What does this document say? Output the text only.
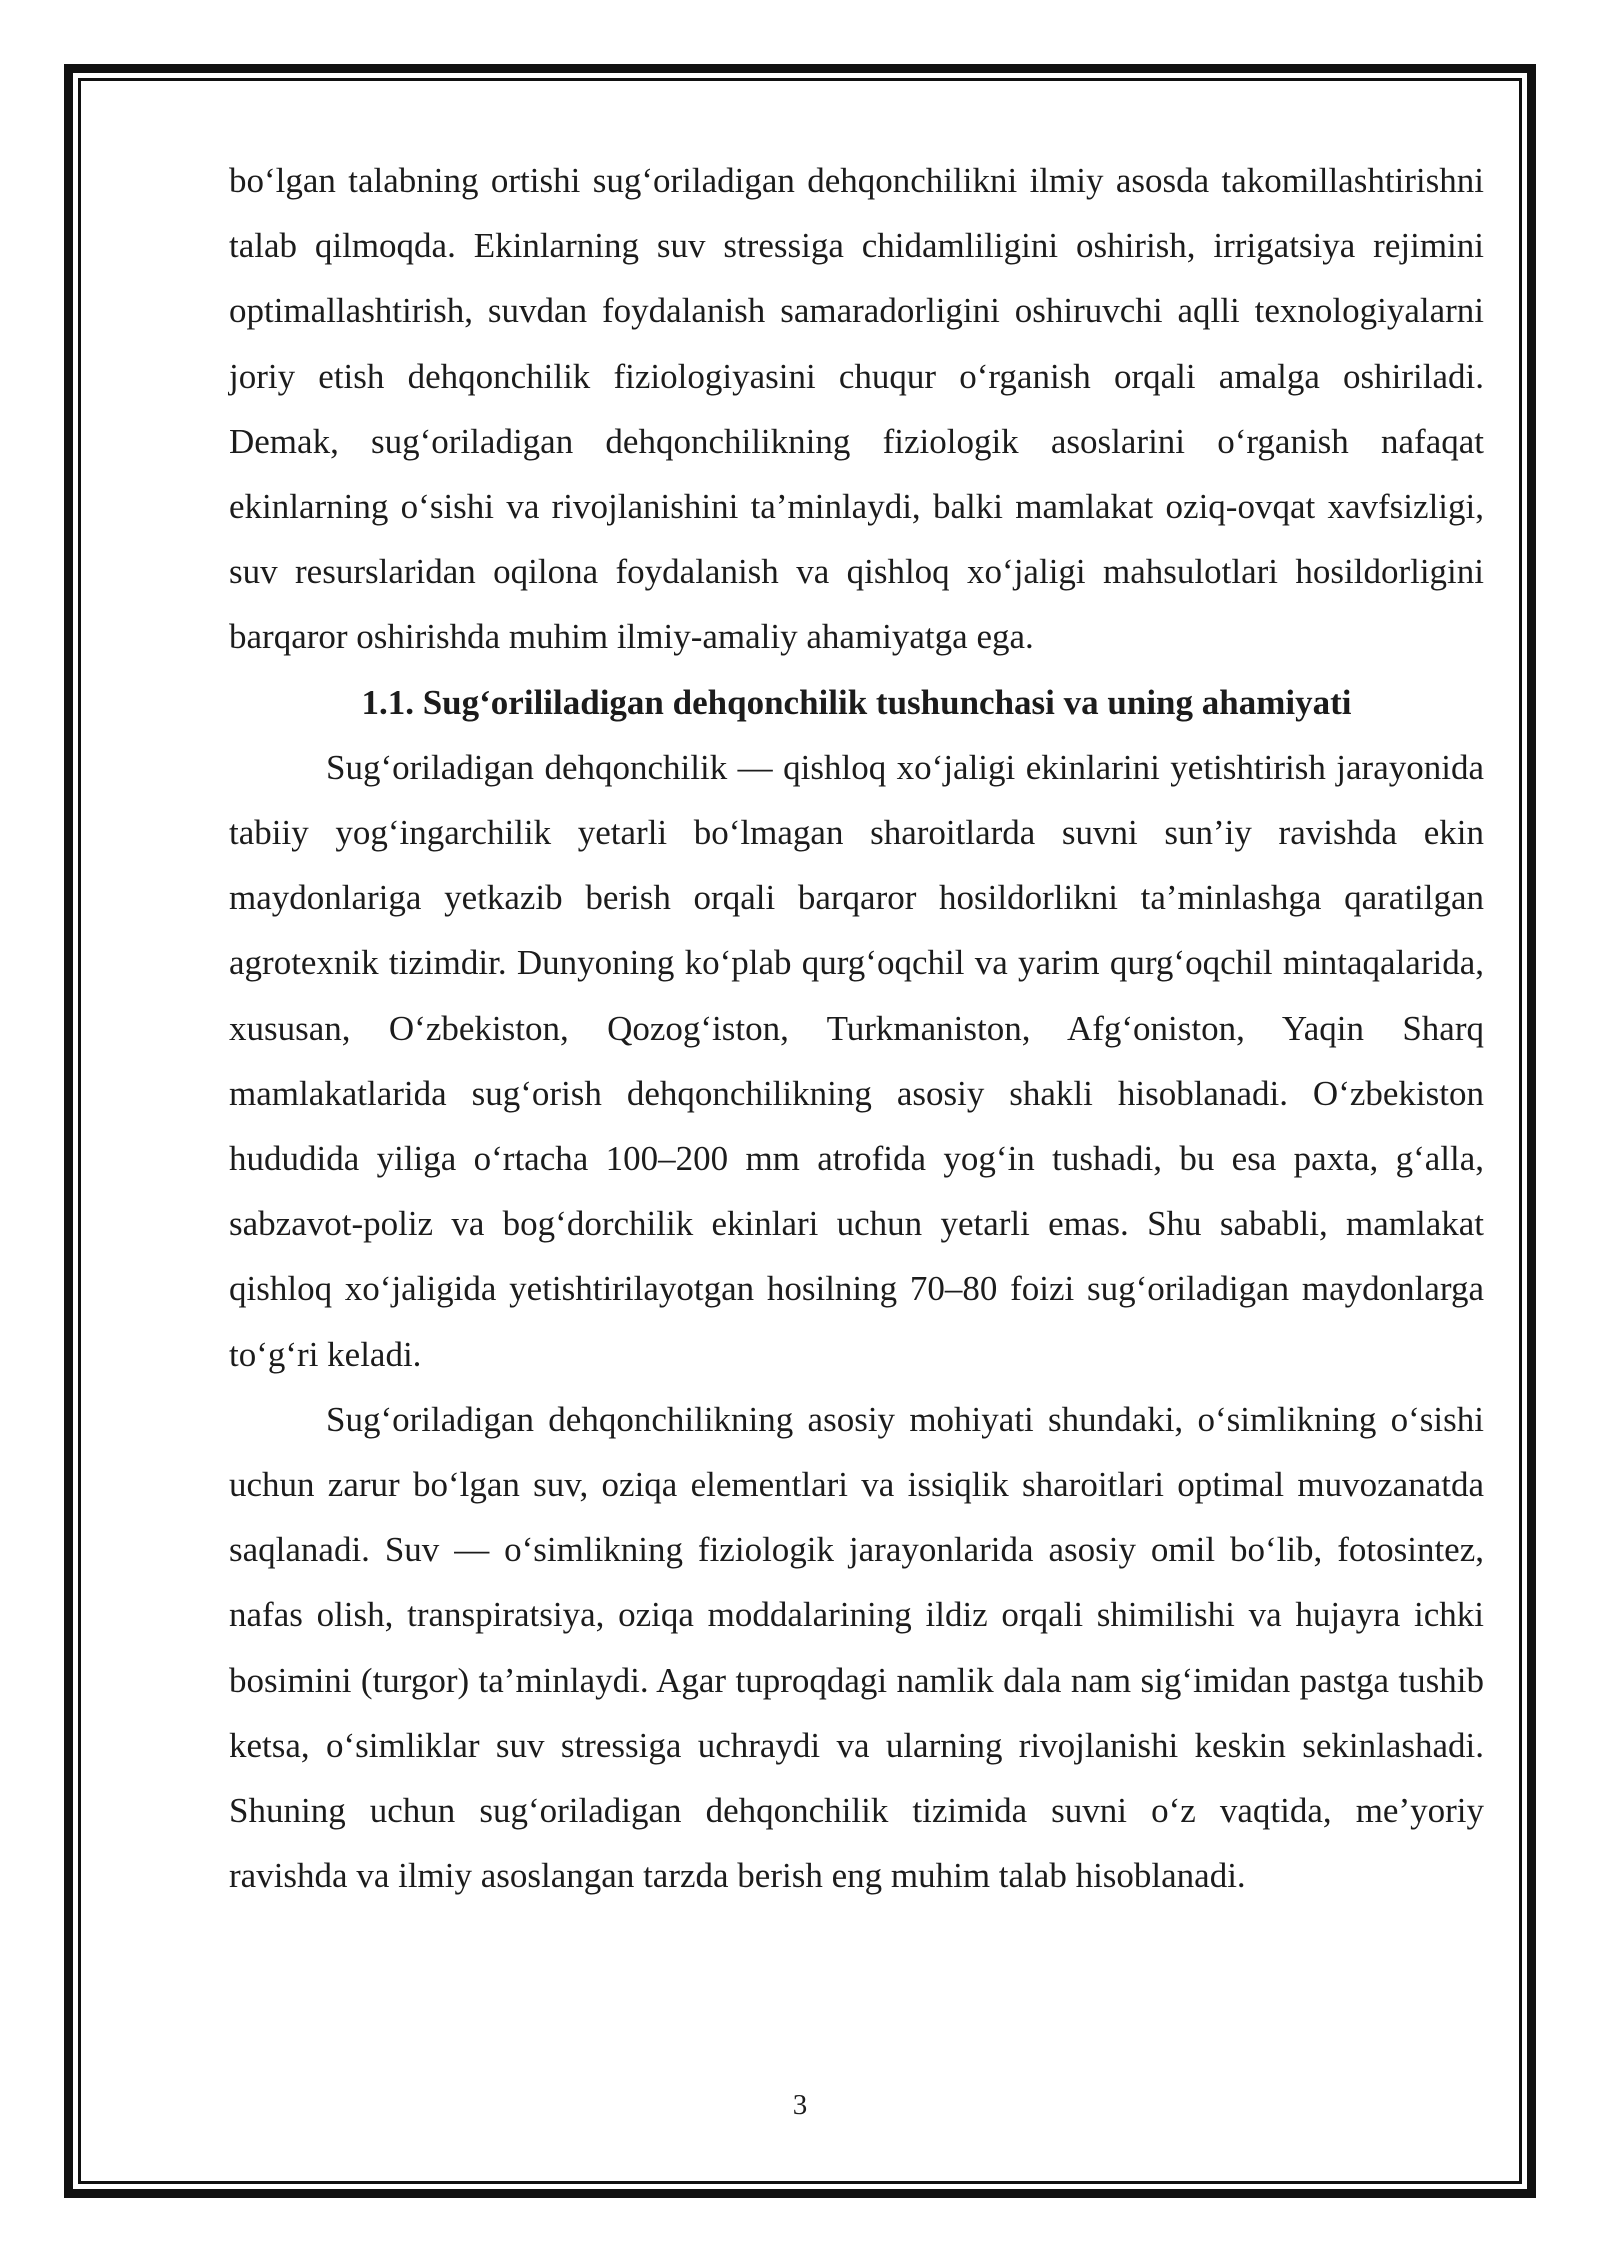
bo‘lgan talabning ortishi sug‘oriladigan dehqonchilikni ilmiy asosda takomillashtirishni talab qilmoqda. Ekinlarning suv stressiga chidamliligini oshirish, irrigatsiya rejimini optimallashtirish, suvdan foydalanish samaradorligini oshiruvchi aqlli texnologiyalarni joriy etish dehqonchilik fiziologiyasini chuqur o‘rganish orqali amalga oshiriladi. Demak, sug‘oriladigan dehqonchilikning fiziologik asoslarini o‘rganish nafaqat ekinlarning o‘sishi va rivojlanishini ta’minlaydi, balki mamlakat oziq-ovqat xavfsizligi, suv resurslaridan oqilona foydalanish va qishloq xo‘jaligi mahsulotlari hosildorligini barqaror oshirishda muhim ilmiy-amaliy ahamiyatga ega.

1.1. Sug‘orililadigan dehqonchilik tushunchasi va uning ahamiyati

Sug‘oriladigan dehqonchilik — qishloq xo‘jaligi ekinlarini yetishtirish jarayonida tabiiy yog‘ingarchilik yetarli bo‘lmagan sharoitlarda suvni sun’iy ravishda ekin maydonlariga yetkazib berish orqali barqaror hosildorlikni ta’minlashga qaratilgan agrotexnik tizimdir. Dunyoning ko‘plab qurg‘oqchil va yarim qurg‘oqchil mintaqalarida, xususan, O‘zbekiston, Qozog‘iston, Turkmaniston, Afg‘oniston, Yaqin Sharq mamlakatlarida sug‘orish dehqonchilikning asosiy shakli hisoblanadi. O‘zbekiston hududida yiliga o‘rtacha 100–200 mm atrofida yog‘in tushadi, bu esa paxta, g‘alla, sabzavot-poliz va bog‘dorchilik ekinlari uchun yetarli emas. Shu sababli, mamlakat qishloq xo‘jaligida yetishtirilayotgan hosilning 70–80 foizi sug‘oriladigan maydonlarga to‘g‘ri keladi.

Sug‘oriladigan dehqonchilikning asosiy mohiyati shundaki, o‘simlikning o‘sishi uchun zarur bo‘lgan suv, oziqa elementlari va issiqlik sharoitlari optimal muvozanatda saqlanadi. Suv — o‘simlikning fiziologik jarayonlarida asosiy omil bo‘lib, fotosintez, nafas olish, transpiratsiya, oziqa moddalarining ildiz orqali shimilishi va hujayra ichki bosimini (turgor) ta’minlaydi. Agar tuproqdagi namlik dala nam sig‘imidan pastga tushib ketsa, o‘simliklar suv stressiga uchraydi va ularning rivojlanishi keskin sekinlashadi. Shuning uchun sug‘oriladigan dehqonchilik tizimida suvni o‘z vaqtida, me’yoriy ravishda va ilmiy asoslangan tarzda berish eng muhim talab hisoblanadi.

3
